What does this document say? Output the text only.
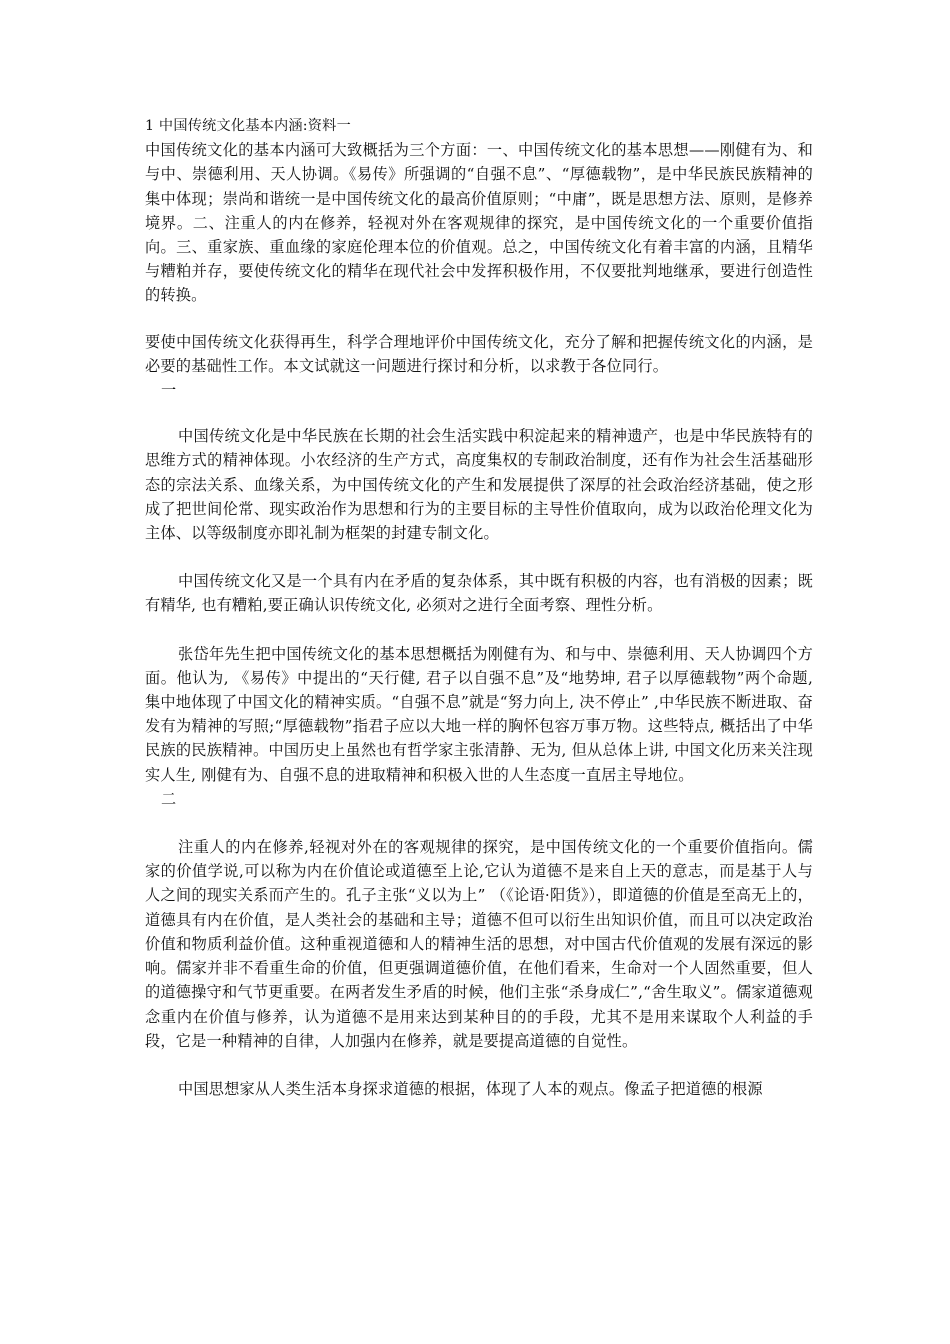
1 中国传统文化基本内涵:资料一

中国传统文化的基本内涵可大致概括为三个方面：一、中国传统文化的基本思想——刚健有为、和与中、崇德利用、天人协调。《易传》所强调的“自强不息”、“厚德载物”，是中华民族民族精神的集中体现；崇尚和谐统一是中国传统文化的最高价值原则；“中庸”，既是思想方法、原则，是修养境界。二、注重人的内在修养，轻视对外在客观规律的探究，是中国传统文化的一个重要价值指向。三、重家族、重血缘的家庭伦理本位的价值观。总之，中国传统文化有着丰富的内涵，且精华与糟粕并存，要使传统文化的精华在现代社会中发挥积极作用，不仅要批判地继承，要进行创造性的转换。

要使中国传统文化获得再生，科学合理地评价中国传统文化，充分了解和把握传统文化的内涵，是必要的基础性工作。本文试就这一问题进行探讨和分析，以求教于各位同行。

一

中国传统文化是中华民族在长期的社会生活实践中积淀起来的精神遗产，也是中华民族特有的思维方式的精神体现。小农经济的生产方式，高度集权的专制政治制度，还有作为社会生活基础形态的宗法关系、血缘关系，为中国传统文化的产生和发展提供了深厚的社会政治经济基础，使之形成了把世间伦常、现实政治作为思想和行为的主要目标的主导性价值取向，成为以政治伦理文化为主体、以等级制度亦即礼制为框架的封建专制文化。

中国传统文化又是一个具有内在矛盾的复杂体系，其中既有积极的内容，也有消极的因素；既有精华, 也有糟粕,要正确认识传统文化, 必须对之进行全面考察、理性分析。

张岱年先生把中国传统文化的基本思想概括为刚健有为、和与中、崇德利用、天人协调四个方面。他认为, 《易传》中提出的“天行健, 君子以自强不息”及“地势坤, 君子以厚德载物”两个命题, 集中地体现了中国文化的精神实质。“自强不息”就是“努力向上, 决不停止” ,中华民族不断进取、奋发有为精神的写照;“厚德载物”指君子应以大地一样的胸怀包容万事万物。这些特点, 概括出了中华民族的民族精神。中国历史上虽然也有哲学家主张清静、无为, 但从总体上讲, 中国文化历来关注现实人生, 刚健有为、自强不息的进取精神和积极入世的人生态度一直居主导地位。

二

注重人的内在修养,轻视对外在的客观规律的探究，是中国传统文化的一个重要价值指向。儒家的价值学说,可以称为内在价值论或道德至上论,它认为道德不是来自上天的意志，而是基于人与人之间的现实关系而产生的。孔子主张“义以为上” （《论语·阳货》），即道德的价值是至高无上的，道德具有内在价值，是人类社会的基础和主导；道德不但可以衍生出知识价值，而且可以决定政治价值和物质利益价值。这种重视道德和人的精神生活的思想，对中国古代价值观的发展有深远的影响。儒家并非不看重生命的价值，但更强调道德价值，在他们看来，生命对一个人固然重要，但人的道德操守和气节更重要。在两者发生矛盾的时候，他们主张“杀身成仁”,“舍生取义”。儒家道德观念重内在价值与修养，认为道德不是用来达到某种目的的手段，尤其不是用来谋取个人利益的手段，它是一种精神的自律，人加强内在修养，就是要提高道德的自觉性。

中国思想家从人类生活本身探求道德的根据，体现了人本的观点。像孟子把道德的根源
